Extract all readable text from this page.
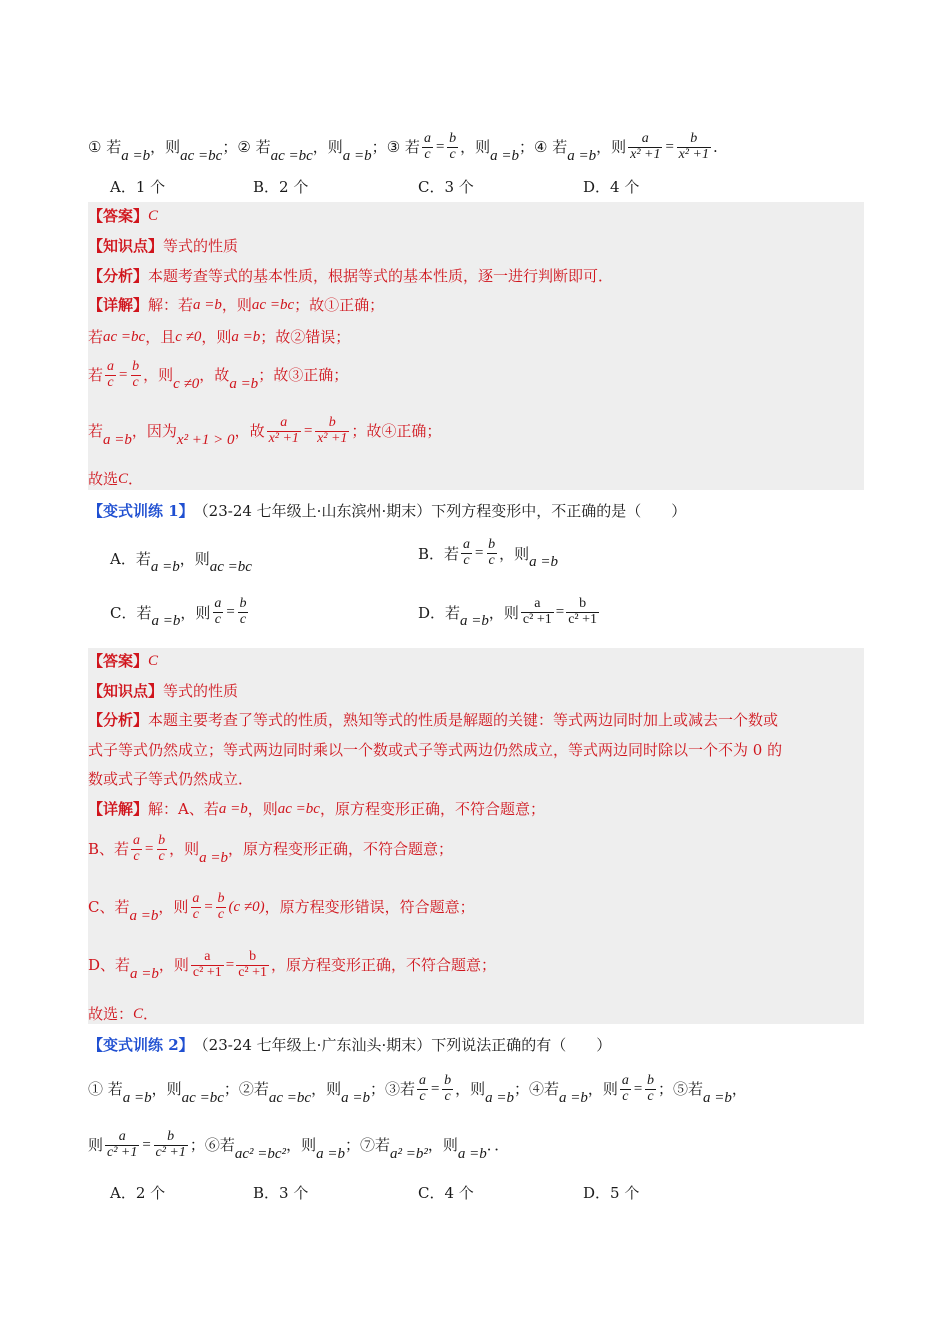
①
若 a =b ，则 ac =bc ； ②
若 ac =bc ，则 a =b ； ③
若 $\frac{a}{c} = \frac{b}{c}$ ，则 a =b ； ④
若 a =b ，则 $\frac{a}{\text{x² +1}} = \frac{b}{\text{x² +1}}$ .
A ． 1 个	B ． 2 个	C ． 3 个	D ． 4 个
【答案】 C
【知识点】 等式的性质
【分析】 本题考查等式的基本性质，根据等式的基本性质，逐一进行判断即可．
【详解】 解：若 a =b ，则 ac =bc ；故①正确；
若 ac =bc ，且 c ≠0 ，则 a =b ；故②错误；
若 $\frac{a}{c} = \frac{b}{c}$ ，则 c ≠0 ，故 a =b ；故③正确；
若 a =b ，因为 x² +1 > 0 ，故 $\frac{a}{\text{x² +1}} = \frac{b}{\text{x² +1}}$ ；故④正确；
故选 C ．
【变式训练 1】 （23-24 七年级上·山东滨州·期末）下列方程变形中，不正确的是（　　）
A．若 a =b ，则 ac =bc
B．若 $\frac{a}{c} = \frac{b}{c}$ ，则 a =b
C．若 a =b ，则 $\frac{a}{c} = \frac{b}{c}$	D．若 a =b ，则 $\frac{a}{\text{c² +1}} = \frac{b}{\text{c² +1}}$
【答案】 C
【知识点】 等式的性质
【分析】 本题主要考查了等式的性质，熟知等式的性质是解题的关键：等式两边同时加上或减去一个数或
式子等式仍然成立；等式两边同时乘以一个数或式子等式两边仍然成立，等式两边同时除以一个不为 0 的
数或式子等式仍然成立．
【详解】 解： A、若 a =b ，则 ac =bc ，原方程变形正确，不符合题意；
B、若 $\frac{a}{c} = \frac{b}{c}$ ，则 a =b ，原方程变形正确，不符合题意；
C、若 a =b ，则 $\frac{a}{c} = \frac{b}{c} (c \ne 0)$ ，原方程变形错误，符合题意；
D、若 a =b ，则 $\frac{a}{\text{c² +1}} = \frac{b}{\text{c² +1}}$ ，原方程变形正确，不符合题意；
故选： C ．
【变式训练 2】 （23-24 七年级上·广东汕头·期末）下列说法正确的有（　　）
① 若 a =b ，则 ac =bc ；②若 ac =bc ，则 a =b ；③若 $\frac{a}{c} = \frac{b}{c}$ ，则 a =b ；④若 a =b ，则 $\frac{a}{c} = \frac{b}{c}$ ；⑤若 a =b ，
则 $\frac{a}{\text{c² +1}} = \frac{b}{\text{c² +1}}$ ；⑥若 ac² =bc² ，则 a =b ；⑦若 a² =b² ，则 a =b ．．
A ． 2 个	B ． 3 个	C ． 4 个	D ． 5 个
